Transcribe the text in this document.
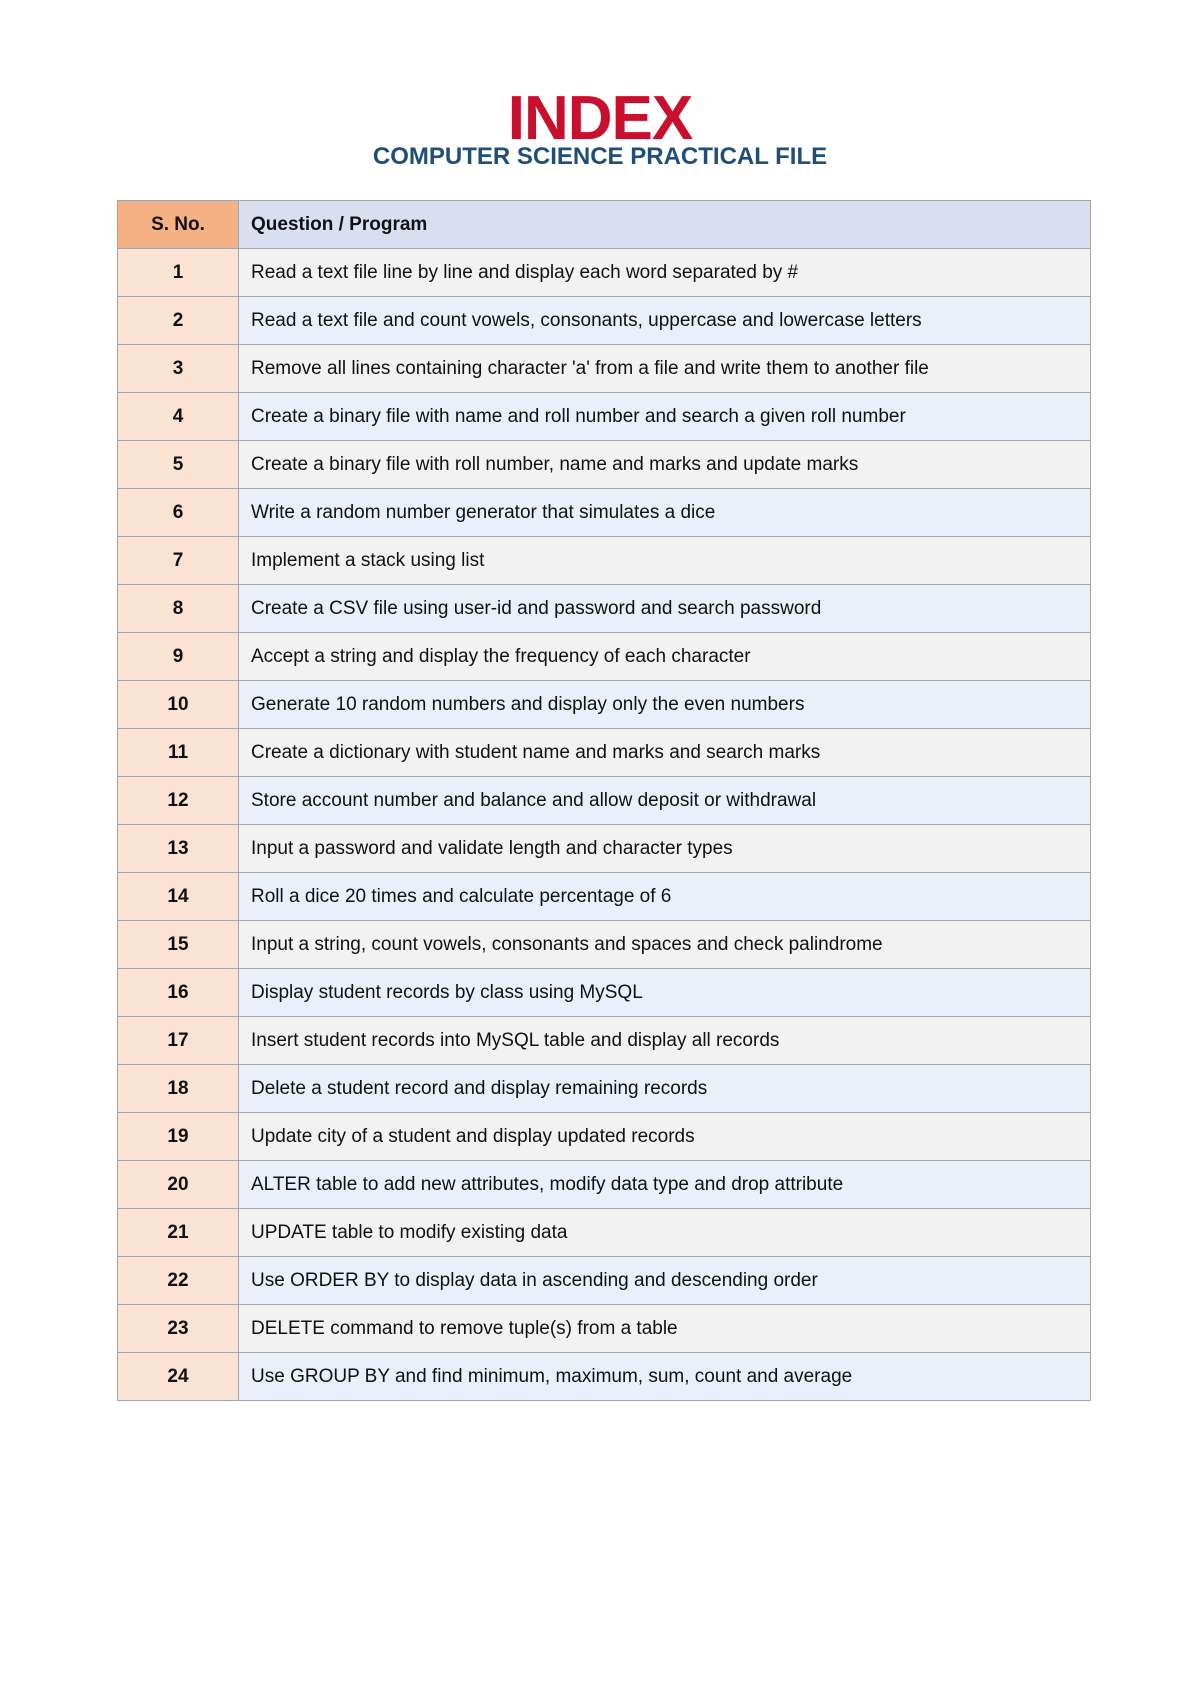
INDEX
COMPUTER SCIENCE PRACTICAL FILE
S. No.	Question / Program
1	Read a text file line by line and display each word separated by #
2	Read a text file and count vowels, consonants, uppercase and lowercase letters
3	Remove all lines containing character 'a' from a file and write them to another file
4	Create a binary file with name and roll number and search a given roll number
5	Create a binary file with roll number, name and marks and update marks
6	Write a random number generator that simulates a dice
7	Implement a stack using list
8	Create a CSV file using user-id and password and search password
9	Accept a string and display the frequency of each character
10	Generate 10 random numbers and display only the even numbers
11	Create a dictionary with student name and marks and search marks
12	Store account number and balance and allow deposit or withdrawal
13	Input a password and validate length and character types
14	Roll a dice 20 times and calculate percentage of 6
15	Input a string, count vowels, consonants and spaces and check palindrome
16	Display student records by class using MySQL
17	Insert student records into MySQL table and display all records
18	Delete a student record and display remaining records
19	Update city of a student and display updated records
20	ALTER table to add new attributes, modify data type and drop attribute
21	UPDATE table to modify existing data
22	Use ORDER BY to display data in ascending and descending order
23	DELETE command to remove tuple(s) from a table
24	Use GROUP BY and find minimum, maximum, sum, count and average
